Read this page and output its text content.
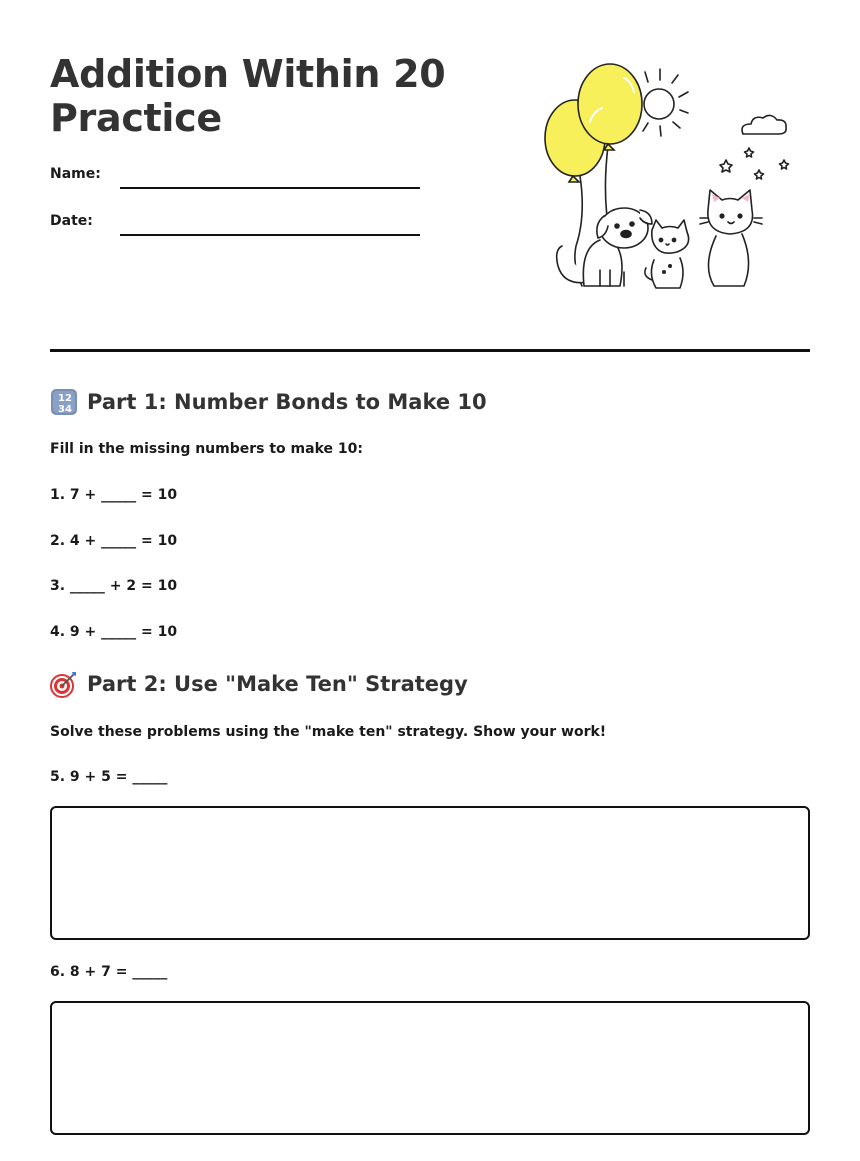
Addition Within 20 Practice
Name:
Date:
1 2
3 4 Part 1: Number Bonds to Make 10
Fill in the missing numbers to make 10:
1. 7 + _____ = 10
2. 4 + _____ = 10
3. _____ + 2 = 10
4. 9 + _____ = 10
Part 2: Use "Make Ten" Strategy
Solve these problems using the "make ten" strategy. Show your work!
5. 9 + 5 = _____
6. 8 + 7 = _____
